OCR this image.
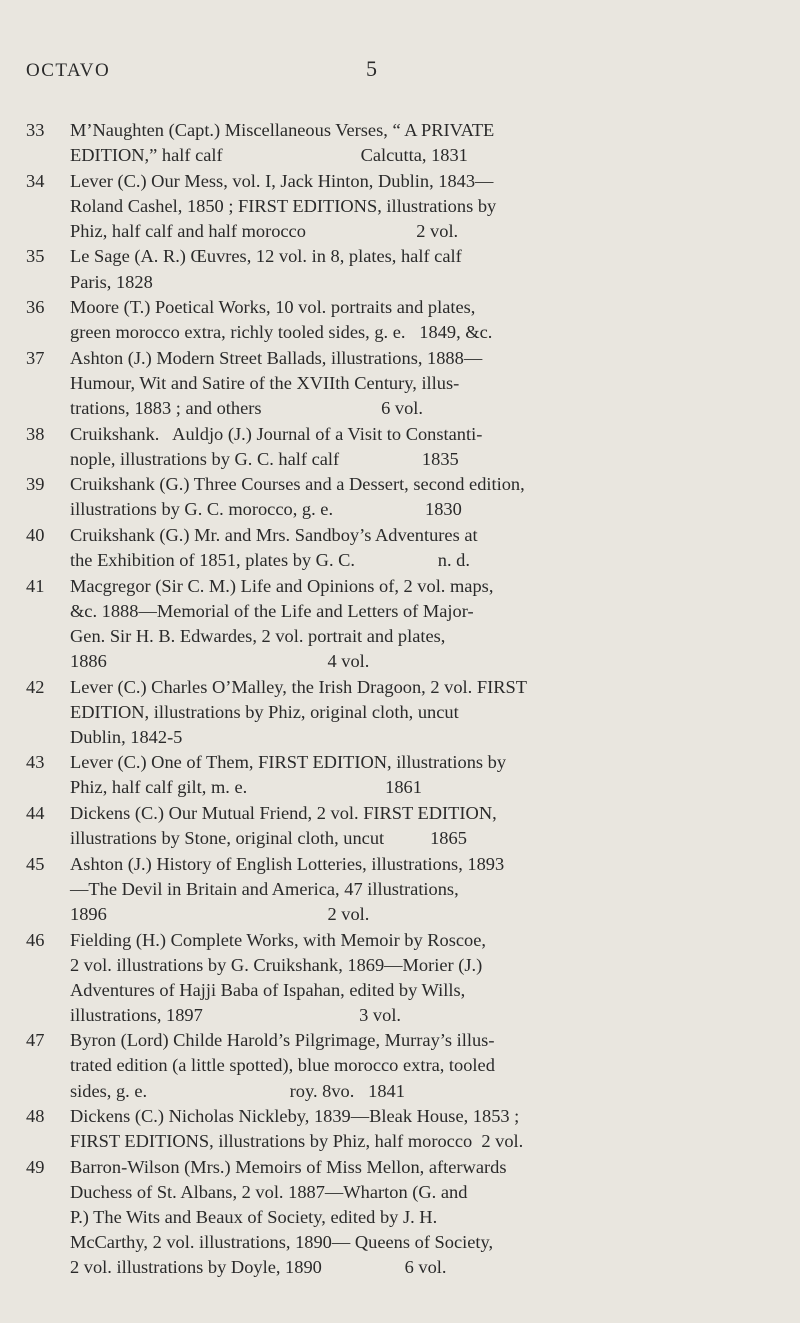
OCTAVO	5
33 M’Naughten (Capt.) Miscellaneous Verses, “ A PRIVATE
EDITION,” half calf                              Calcutta, 1831
34 Lever (C.) Our Mess, vol. I, Jack Hinton, Dublin, 1843—
Roland Cashel, 1850 ; FIRST EDITIONS, illustrations by
Phiz, half calf and half morocco                        2 vol.
35 Le Sage (A. R.) Œuvres, 12 vol. in 8, plates, half calf
Paris, 1828
36 Moore (T.) Poetical Works, 10 vol. portraits and plates,
green morocco extra, richly tooled sides, g. e.   1849, &c.
37 Ashton (J.) Modern Street Ballads, illustrations, 1888—
Humour, Wit and Satire of the XVIIth Century, illus-
trations, 1883 ; and others                          6 vol.
38 Cruikshank.   Auldjo (J.) Journal of a Visit to Constanti-
nople, illustrations by G. C. half calf                  1835
39 Cruikshank (G.) Three Courses and a Dessert, second edition,
illustrations by G. C. morocco, g. e.                    1830
40 Cruikshank (G.) Mr. and Mrs. Sandboy’s Adventures at
the Exhibition of 1851, plates by G. C.                  n. d.
41 Macgregor (Sir C. M.) Life and Opinions of, 2 vol. maps,
&c. 1888—Memorial of the Life and Letters of Major-
Gen. Sir H. B. Edwardes, 2 vol. portrait and plates,
1886                                                4 vol.
42 Lever (C.) Charles O’Malley, the Irish Dragoon, 2 vol. FIRST
EDITION, illustrations by Phiz, original cloth, uncut
Dublin, 1842-5
43 Lever (C.) One of Them, FIRST EDITION, illustrations by
Phiz, half calf gilt, m. e.                              1861
44 Dickens (C.) Our Mutual Friend, 2 vol. FIRST EDITION,
illustrations by Stone, original cloth, uncut          1865
45 Ashton (J.) History of English Lotteries, illustrations, 1893
—The Devil in Britain and America, 47 illustrations,
1896                                                2 vol.
46 Fielding (H.) Complete Works, with Memoir by Roscoe,
2 vol. illustrations by G. Cruikshank, 1869—Morier (J.)
Adventures of Hajji Baba of Ispahan, edited by Wills,
illustrations, 1897                                  3 vol.
47 Byron (Lord) Childe Harold’s Pilgrimage, Murray’s illus-
trated edition (a little spotted), blue morocco extra, tooled
sides, g. e.                               roy. 8vo.   1841
48 Dickens (C.) Nicholas Nickleby, 1839—Bleak House, 1853 ;
FIRST EDITIONS, illustrations by Phiz, half morocco  2 vol.
49 Barron-Wilson (Mrs.) Memoirs of Miss Mellon, afterwards
Duchess of St. Albans, 2 vol. 1887—Wharton (G. and
P.) The Wits and Beaux of Society, edited by J. H.
McCarthy, 2 vol. illustrations, 1890— Queens of Society,
2 vol. illustrations by Doyle, 1890                  6 vol.
